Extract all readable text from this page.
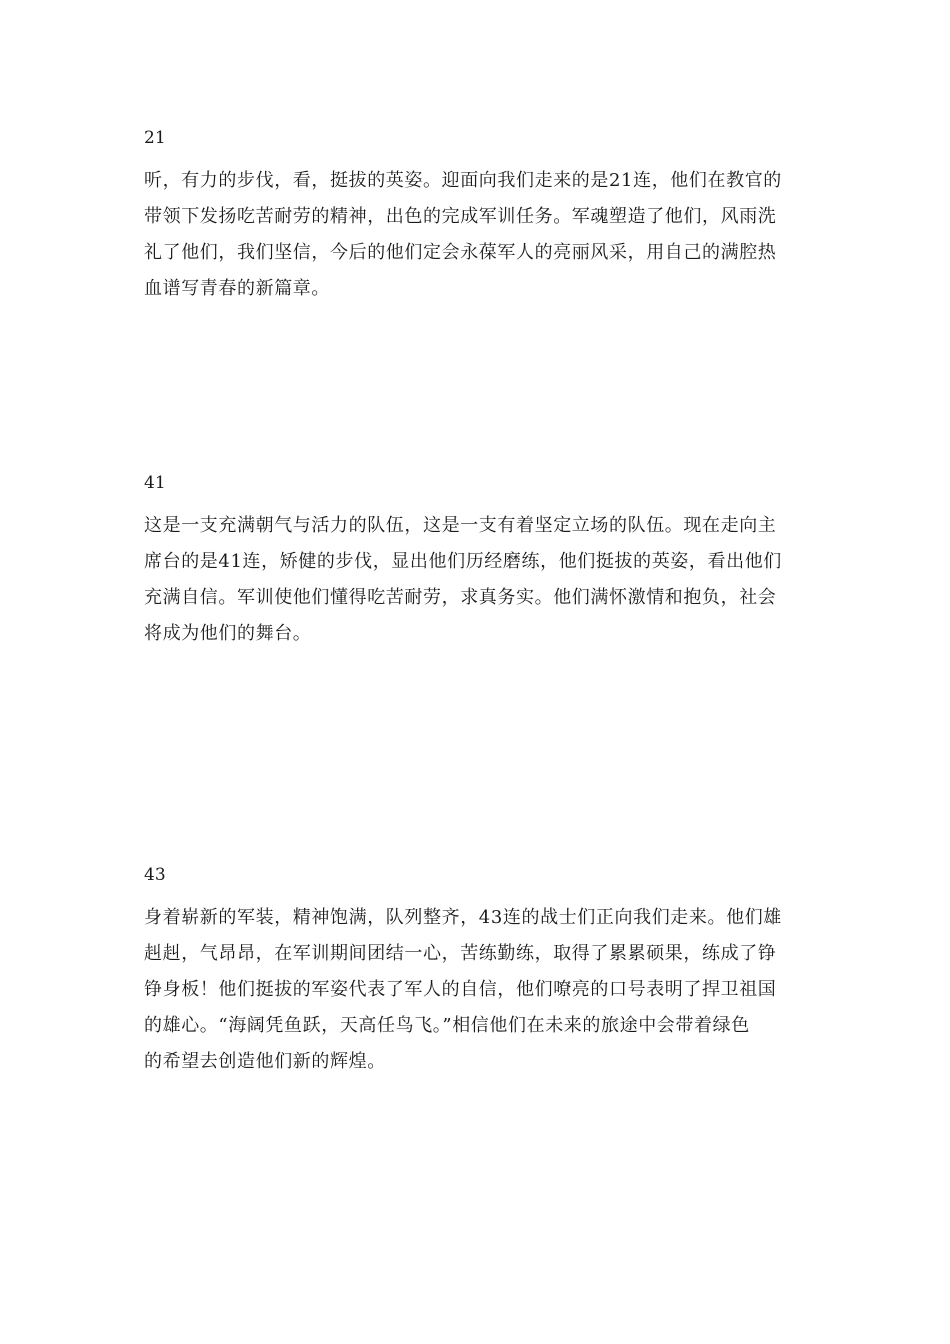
21

听，有力的步伐，看，挺拔的英姿。迎面向我们走来的是21连，他们在教官的
带领下发扬吃苦耐劳的精神，出色的完成军训任务。军魂塑造了他们，风雨洗
礼了他们，我们坚信，今后的他们定会永葆军人的亮丽风采，用自己的满腔热
血谱写青春的新篇章。

41

这是一支充满朝气与活力的队伍，这是一支有着坚定立场的队伍。现在走向主
席台的是41连，矫健的步伐，显出他们历经磨练，他们挺拔的英姿，看出他们
充满自信。军训使他们懂得吃苦耐劳，求真务实。他们满怀激情和抱负，社会
将成为他们的舞台。

43

身着崭新的军装，精神饱满，队列整齐，43连的战士们正向我们走来。他们雄
赳赳，气昂昂，在军训期间团结一心，苦练勤练，取得了累累硕果，练成了铮
铮身板！他们挺拔的军姿代表了军人的自信，他们嘹亮的口号表明了捍卫祖国
的雄心。“海阔凭鱼跃，天高任鸟飞。”相信他们在未来的旅途中会带着绿色
的希望去创造他们新的辉煌。
